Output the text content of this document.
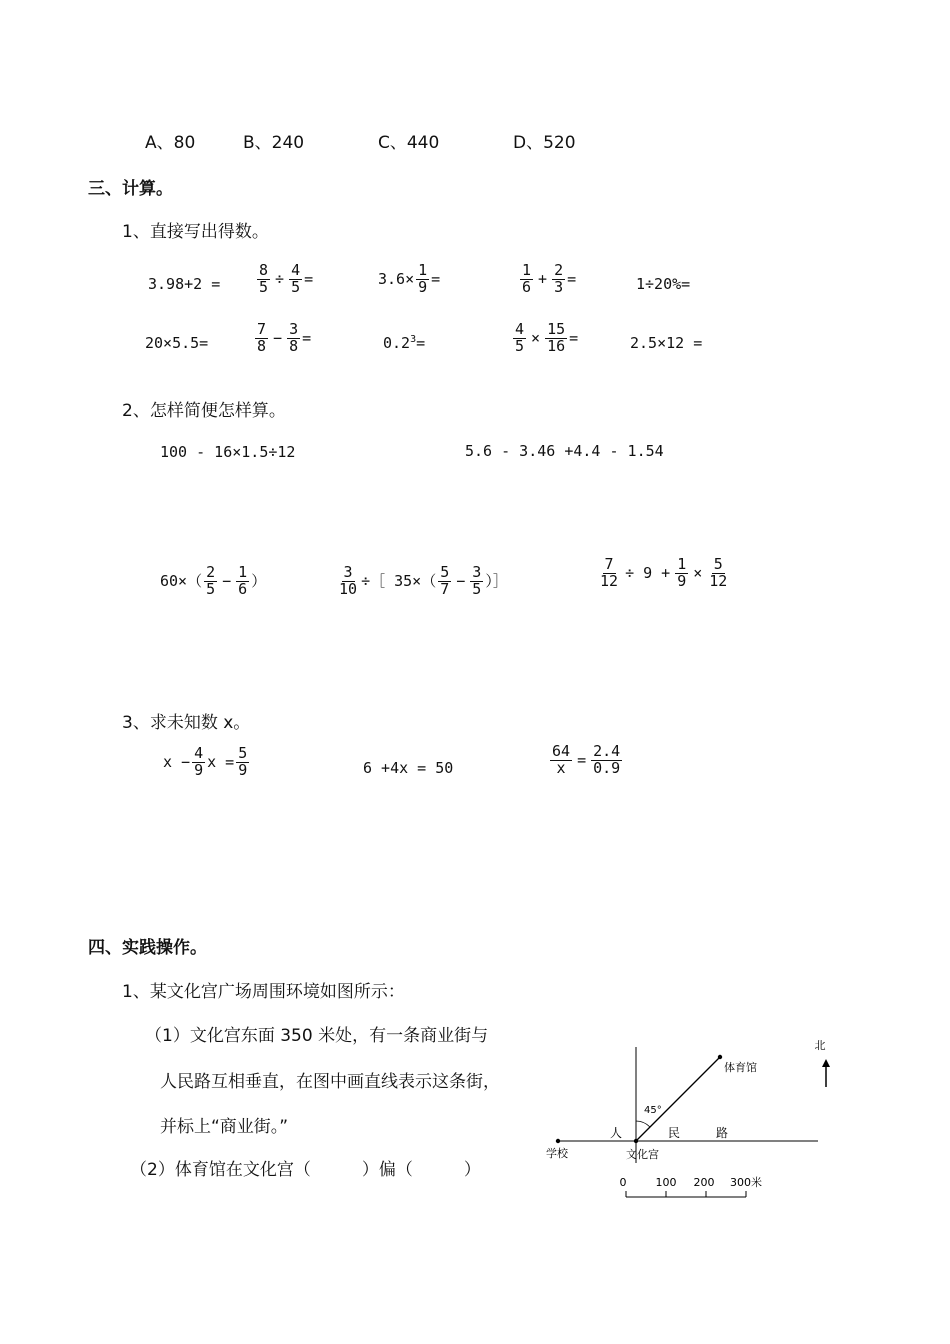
A、80	B、240	C、440	D、520
三、计算。
1、直接写出得数。
$3.98+2 = \frac{8}{5} \div \frac{4}{5}$ =	$3.6\times \frac{1}{9}$ =	$\frac{1}{6} + \frac{2}{3}$ =	1÷20%=
20×5.5=	$\frac{7}{8} - \frac{3}{8}$ =	$0.2^3=$	$\frac{4}{5} \times \frac{15}{16}$ =	2.5×12 =
2、怎样简便怎样算。
100 - 16×1.5÷12	5.6 - 3.46 +4.4 - 1.54
$60\times( \frac{2}{5} - \frac{1}{6}$ ）	$\frac{3}{10}$ ÷［ $35\times( \frac{5}{7} - \frac{3}{5}$ ）］	$\frac{7}{12} \div 9 + \frac{1}{9} \times \frac{5}{12}$
3、求未知数 x。
$x - \frac{4}{9}$ $x = \frac{5}{9}$	6 +4x = 50	$\frac{64}{x} = \frac{2.4}{0.9}$
四、实践操作。
1、某文化宫广场周围环境如图所示：
（1）文化宫东面 350 米处，有一条商业街与
人民路互相垂直，在图中画直线表示这条街，
并标上“商业街。”
（2）体育馆在文化宫（　　　）偏（　　　）
北
45°
体育馆
人	民	路
学校	文化宫
0	100 200 300米
